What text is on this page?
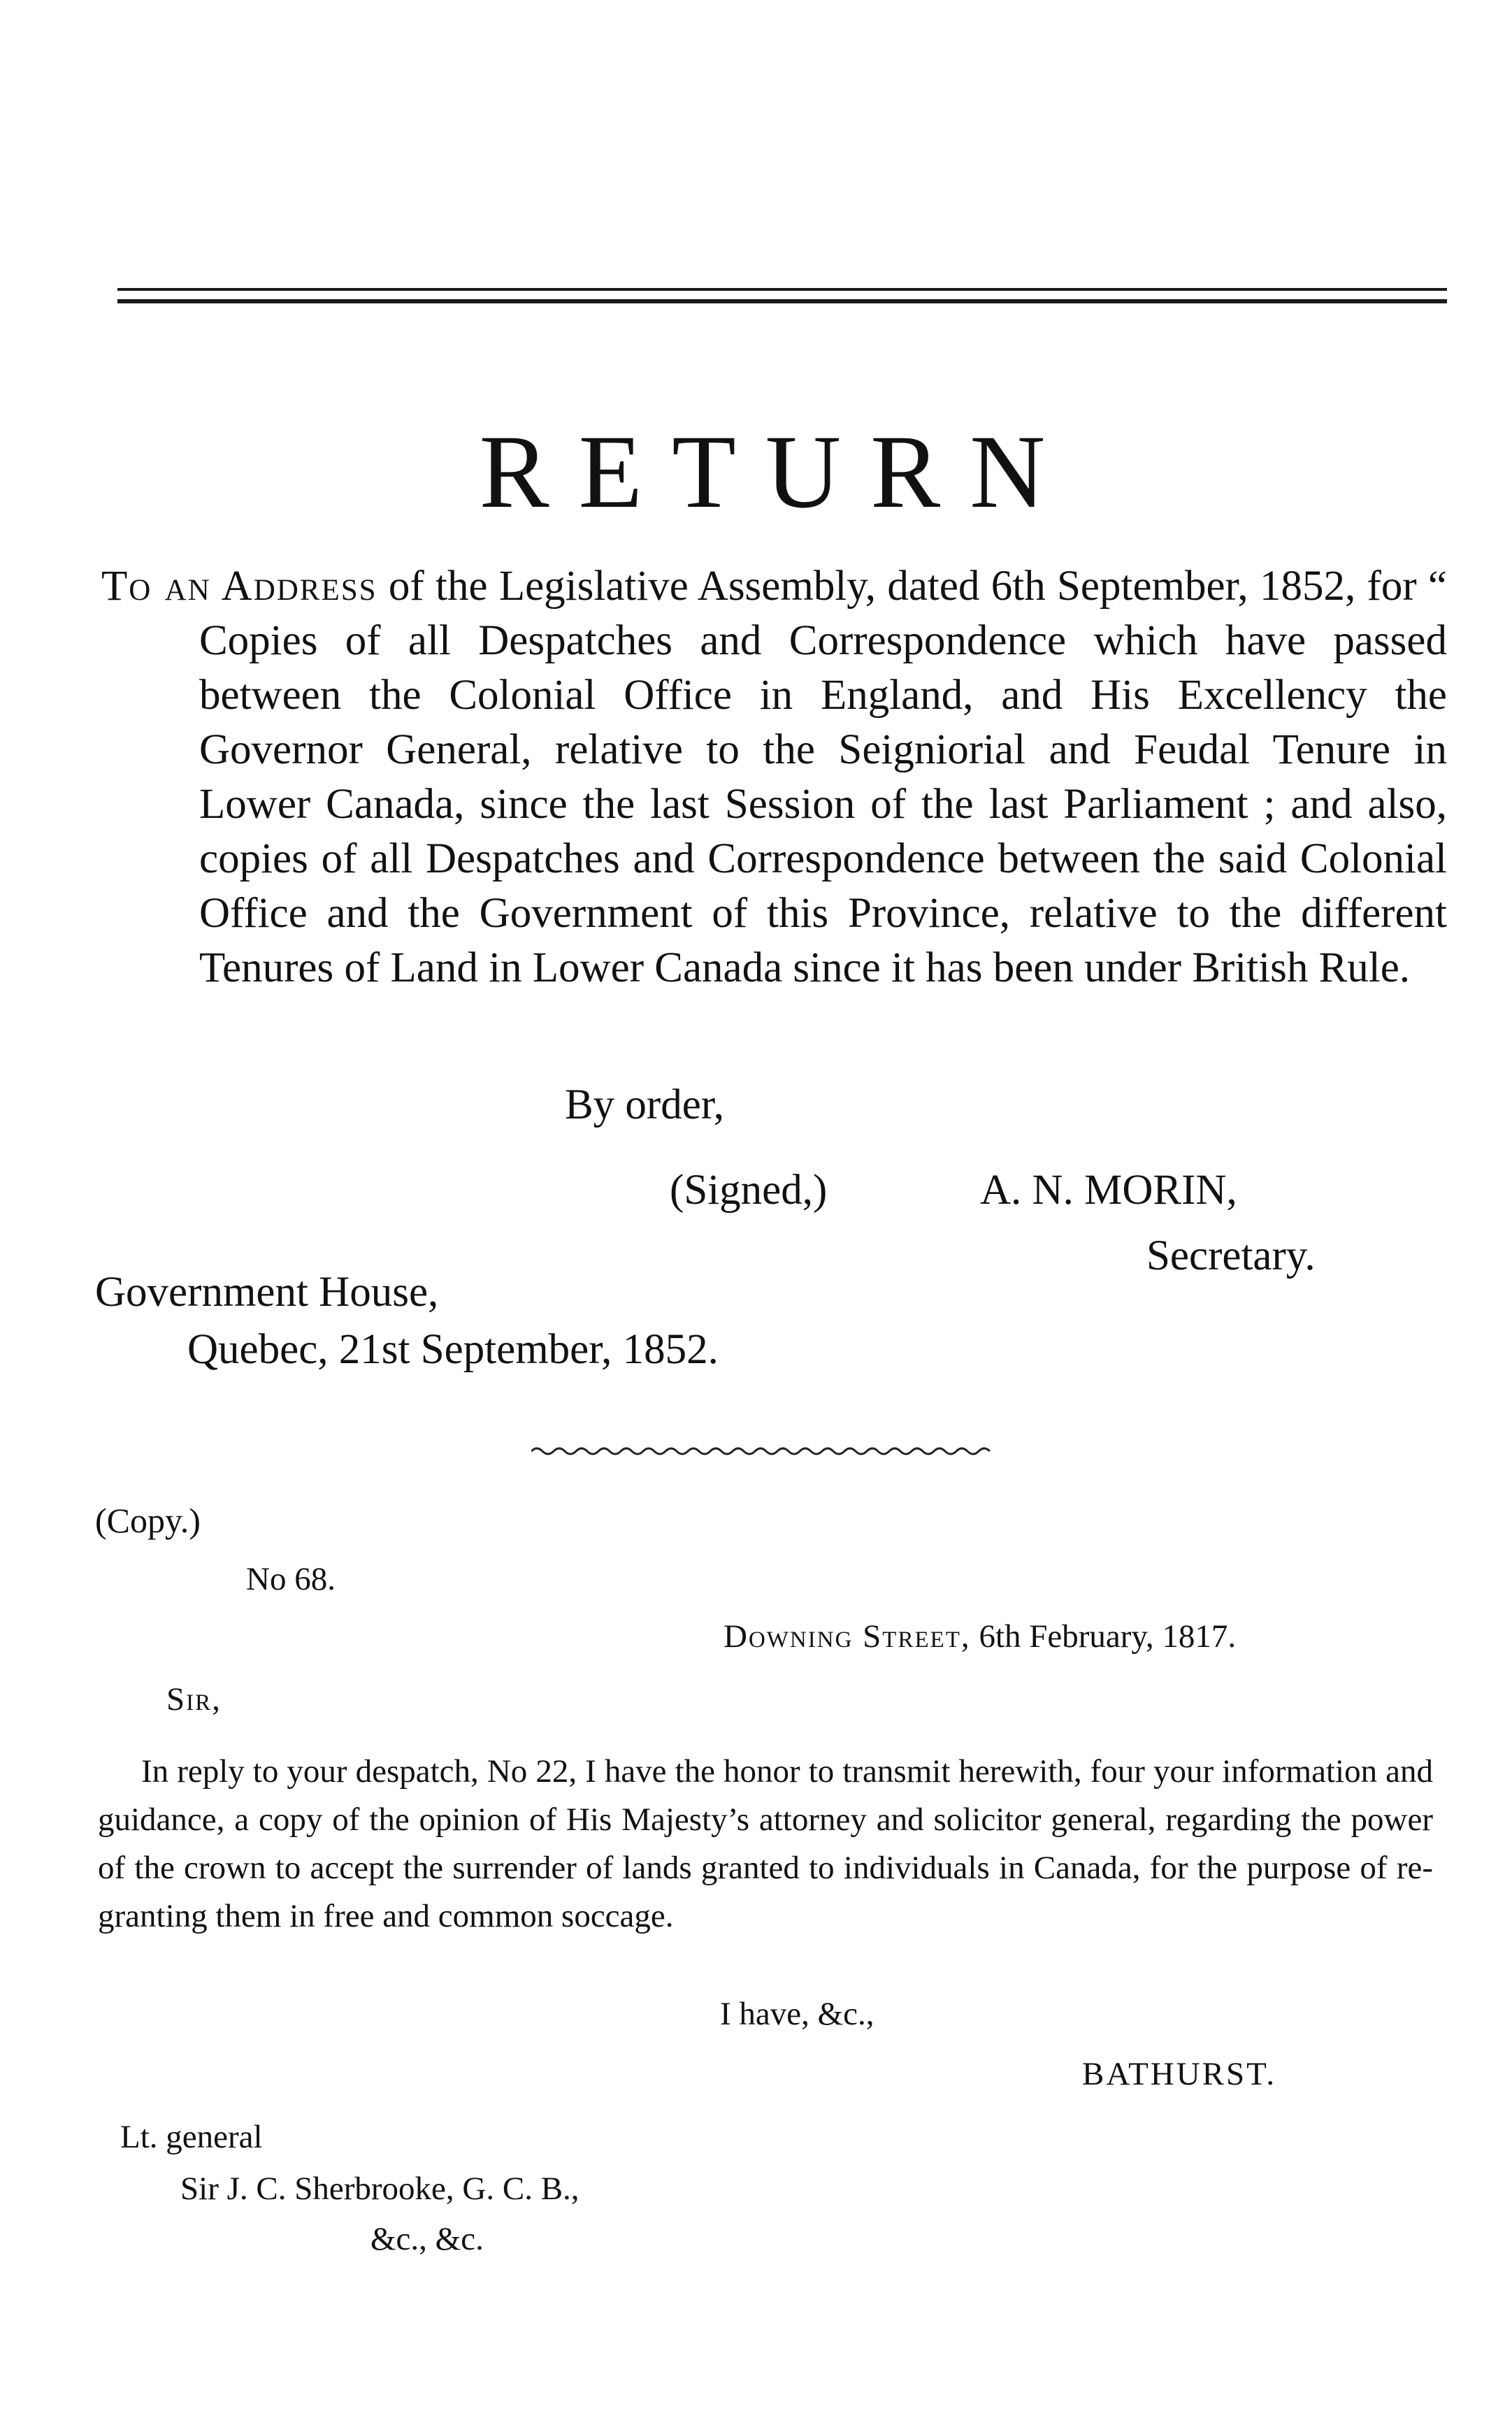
RETURN
To an Address of the Legislative Assembly, dated 6th September, 1852, for “ Copies of all Despatches and Correspondence which have passed between the Colonial Office in England, and His Excellency the Governor General, relative to the Seigniorial and Feudal Tenure in Lower Canada, since the last Session of the last Parliament ; and also, copies of all Despatches and Correspondence between the said Colonial Office and the Government of this Province, relative to the different Tenures of Land in Lower Canada since it has been under British Rule.
By order,
(Signed,)	A. N. MORIN,
Secretary.
Government House,
Quebec, 21st September, 1852.
(Copy.)
No 68.
Downing Street, 6th February, 1817.
Sir,
In reply to your despatch, No 22, I have the honor to transmit herewith, four your information and guidance, a copy of the opinion of His Majesty’s attorney and solicitor general, regarding the power of the crown to accept the surrender of lands granted to individuals in Canada, for the purpose of re-granting them in free and common soccage.
I have, &c.,
BATHURST.
Lt. general
Sir J. C. Sherbrooke, G. C. B.,
&c., &c.
